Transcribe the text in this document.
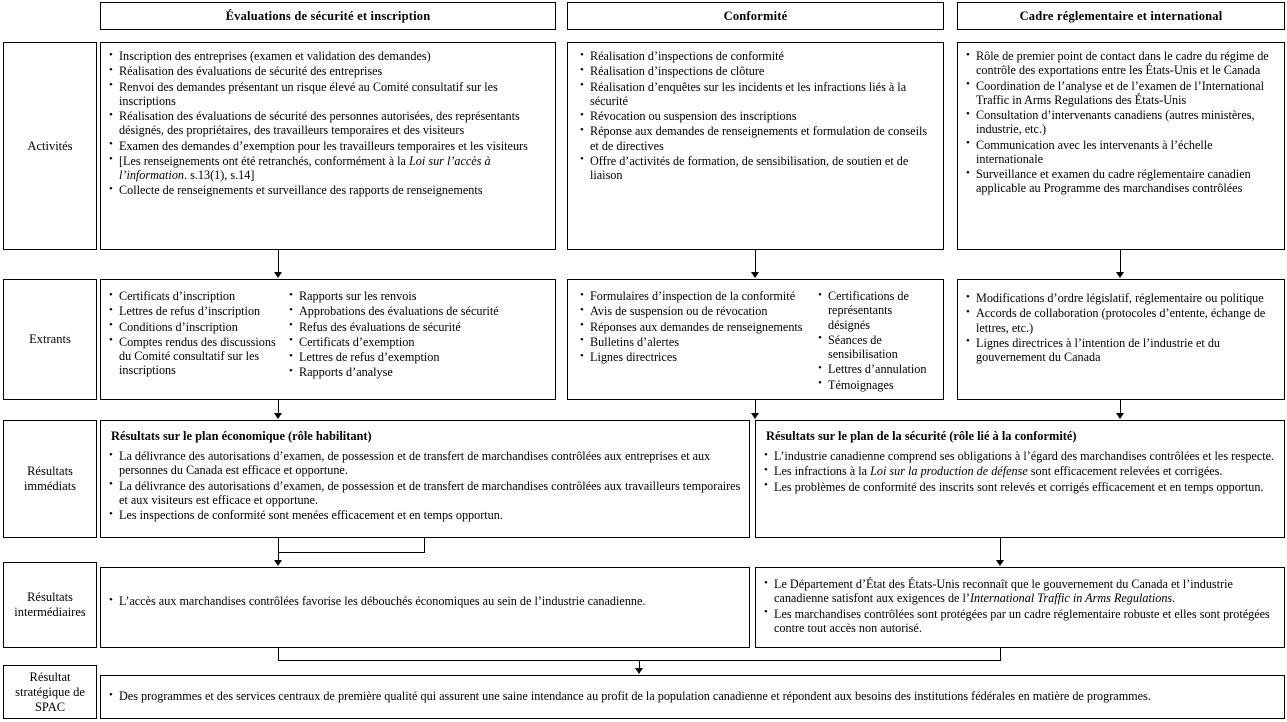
Évaluations de sécurité et inscription	Conformité	Cadre réglementaire et international
Activités
Extrants
Résultats immédiats
Résultats intermédiaires
Résultat stratégique de SPAC
• Inscription des entreprises (examen et validation des demandes)
• Réalisation des évaluations de sécurité des entreprises
• Renvoi des demandes présentant un risque élevé au Comité consultatif sur les inscriptions
• Réalisation des évaluations de sécurité des personnes autorisées, des représentants désignés, des propriétaires, des travailleurs temporaires et des visiteurs
• Examen des demandes d’exemption pour les travailleurs temporaires et les visiteurs
• [Les renseignements ont été retranchés, conformément à la Loi sur l’accès à l’information. s.13(1), s.14]
• Collecte de renseignements et surveillance des rapports de renseignements
• Réalisation d’inspections de conformité
• Réalisation d’inspections de clôture
• Réalisation d’enquêtes sur les incidents et les infractions liés à la sécurité
• Révocation ou suspension des inscriptions
• Réponse aux demandes de renseignements et formulation de conseils et de directives
• Offre d’activités de formation, de sensibilisation, de soutien et de liaison
• Rôle de premier point de contact dans le cadre du régime de contrôle des exportations entre les États-Unis et le Canada
• Coordination de l’analyse et de l’examen de l’International Traffic in Arms Regulations des États-Unis
• Consultation d’intervenants canadiens (autres ministères, industrie, etc.)
• Communication avec les intervenants à l’échelle internationale
• Surveillance et examen du cadre réglementaire canadien applicable au Programme des marchandises contrôlées
• Certificats d’inscription
• Lettres de refus d’inscription
• Conditions d’inscription
• Comptes rendus des discussions du Comité consultatif sur les inscriptions
• Rapports sur les renvois
• Approbations des évaluations de sécurité
• Refus des évaluations de sécurité
• Certificats d’exemption
• Lettres de refus d’exemption
• Rapports d’analyse
• Formulaires d’inspection de la conformité
• Avis de suspension ou de révocation
• Réponses aux demandes de renseignements
• Bulletins d’alertes
• Lignes directrices
• Certifications de représentants désignés
• Séances de sensibilisation
• Lettres d’annulation
• Témoignages
• Modifications d’ordre législatif, réglementaire ou politique
• Accords de collaboration (protocoles d’entente, échange de lettres, etc.)
• Lignes directrices à l’intention de l’industrie et du gouvernement du Canada
Résultats sur le plan économique (rôle habilitant)
• La délivrance des autorisations d’examen, de possession et de transfert de marchandises contrôlées aux entreprises et aux personnes du Canada est efficace et opportune.
• La délivrance des autorisations d’examen, de possession et de transfert de marchandises contrôlées aux travailleurs temporaires et aux visiteurs est efficace et opportune.
• Les inspections de conformité sont menées efficacement et en temps opportun.
Résultats sur le plan de la sécurité (rôle lié à la conformité)
• L’industrie canadienne comprend ses obligations à l’égard des marchandises contrôlées et les respecte.
• Les infractions à la Loi sur la production de défense sont efficacement relevées et corrigées.
• Les problèmes de conformité des inscrits sont relevés et corrigés efficacement et en temps opportun.
• L’accès aux marchandises contrôlées favorise les débouchés économiques au sein de l’industrie canadienne.
• Le Département d’État des États-Unis reconnaît que le gouvernement du Canada et l’industrie canadienne satisfont aux exigences de l’International Traffic in Arms Regulations.
• Les marchandises contrôlées sont protégées par un cadre réglementaire robuste et elles sont protégées contre tout accès non autorisé.
• Des programmes et des services centraux de première qualité qui assurent une saine intendance au profit de la population canadienne et répondent aux besoins des institutions fédérales en matière de programmes.
